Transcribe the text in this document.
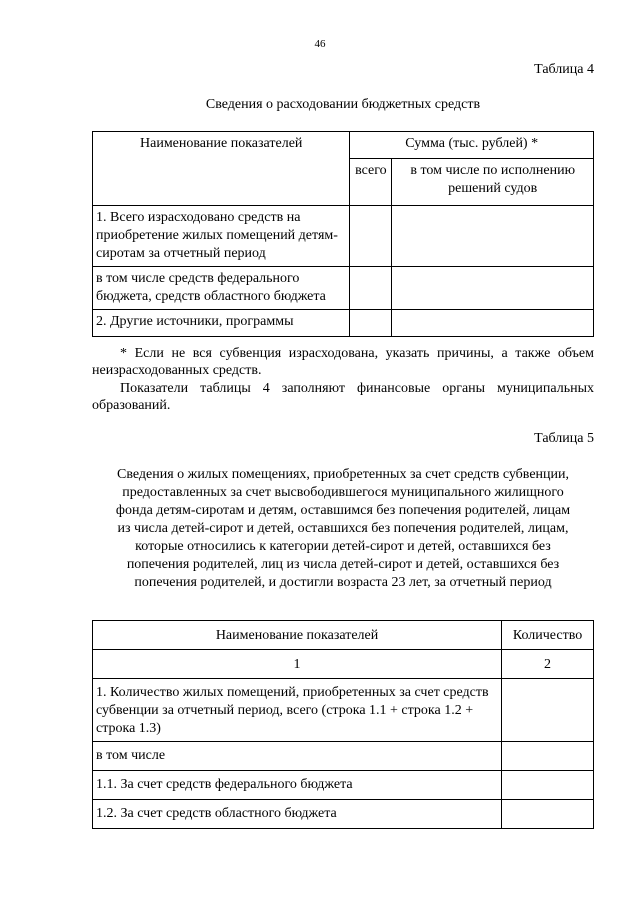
46
Таблица 4
Сведения о расходовании бюджетных средств
Наименование показателей	Сумма (тыс. рублей) *	

	всего	в том числе по исполнению решений судов

1. Всего израсходовано средств на приобретение жилых помещений детям-сиротам за отчетный период		

в том числе средств федерального бюджета, средств областного бюджета		

2. Другие источники, программы		

* Если не вся субвенция израсходована, указать причины, а также объем неизрасходованных средств.
Показатели таблицы 4 заполняют финансовые органы муниципальных образований.
Таблица 5
Сведения о жилых помещениях, приобретенных за счет средств субвенции, предоставленных за счет высвободившегося муниципального жилищного фонда детям-сиротам и детям, оставшимся без попечения родителей, лицам из числа детей-сирот и детей, оставшихся без попечения родителей, лицам, которые относились к категории детей-сирот и детей, оставшихся без попечения родителей, лиц из числа детей-сирот и детей, оставшихся без попечения родителей, и достигли возраста 23 лет, за отчетный период
Наименование показателей	Количество

1	2

1. Количество жилых помещений, приобретенных за счет средств субвенции за отчетный период, всего (строка 1.1 + строка 1.2 + строка 1.3)	

в том числе	

1.1. За счет средств федерального бюджета	

1.2. За счет средств областного бюджета	
